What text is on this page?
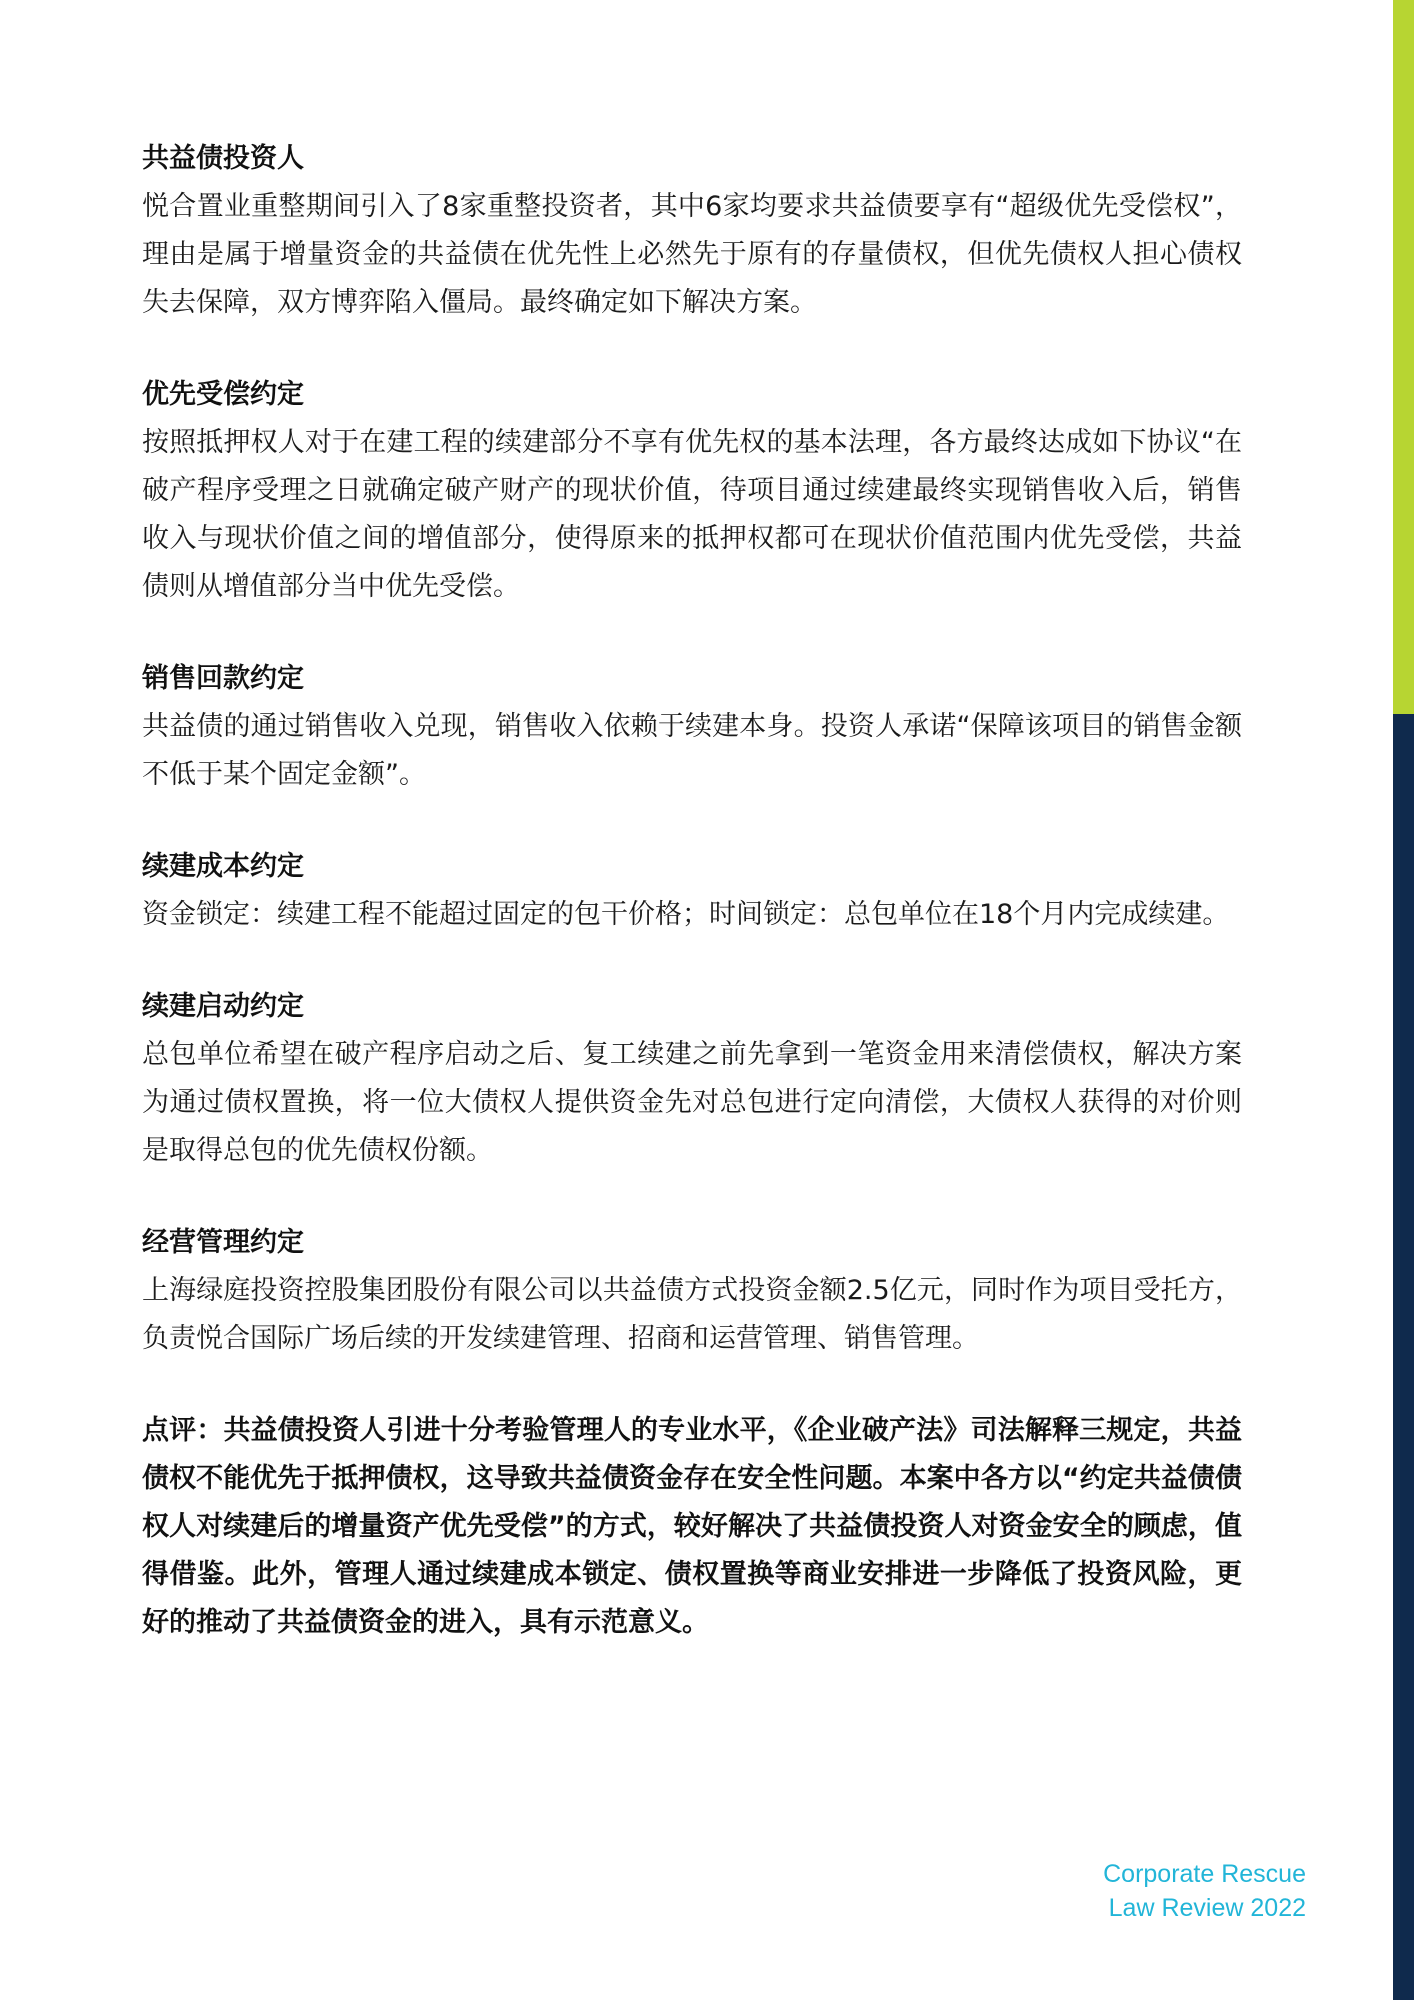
共益债投资人

悦合置业重整期间引入了8家重整投资者，其中6家均要求共益债要享有“超级优先受偿权”，理由是属于增量资金的共益债在优先性上必然先于原有的存量债权，但优先债权人担心债权失去保障，双方博弈陷入僵局。最终确定如下解决方案。

优先受偿约定

按照抵押权人对于在建工程的续建部分不享有优先权的基本法理，各方最终达成如下协议“在破产程序受理之日就确定破产财产的现状价值，待项目通过续建最终实现销售收入后，销售收入与现状价值之间的增值部分，使得原来的抵押权都可在现状价值范围内优先受偿，共益债则从增值部分当中优先受偿。

销售回款约定

共益债的通过销售收入兑现，销售收入依赖于续建本身。投资人承诺“保障该项目的销售金额不低于某个固定金额”。

续建成本约定

资金锁定：续建工程不能超过固定的包干价格；时间锁定：总包单位在18个月内完成续建。

续建启动约定

总包单位希望在破产程序启动之后、复工续建之前先拿到一笔资金用来清偿债权，解决方案为通过债权置换，将一位大债权人提供资金先对总包进行定向清偿，大债权人获得的对价则是取得总包的优先债权份额。

经营管理约定

上海绿庭投资控股集团股份有限公司以共益债方式投资金额2.5亿元，同时作为项目受托方，负责悦合国际广场后续的开发续建管理、招商和运营管理、销售管理。

点评：共益债投资人引进十分考验管理人的专业水平，《企业破产法》司法解释三规定，共益债权不能优先于抵押债权，这导致共益债资金存在安全性问题。本案中各方以“约定共益债债权人对续建后的增量资产优先受偿”的方式，较好解决了共益债投资人对资金安全的顾虑，值得借鉴。此外，管理人通过续建成本锁定、债权置换等商业安排进一步降低了投资风险，更好的推动了共益债资金的进入，具有示范意义。

Corporate Rescue
Law Review 2022
